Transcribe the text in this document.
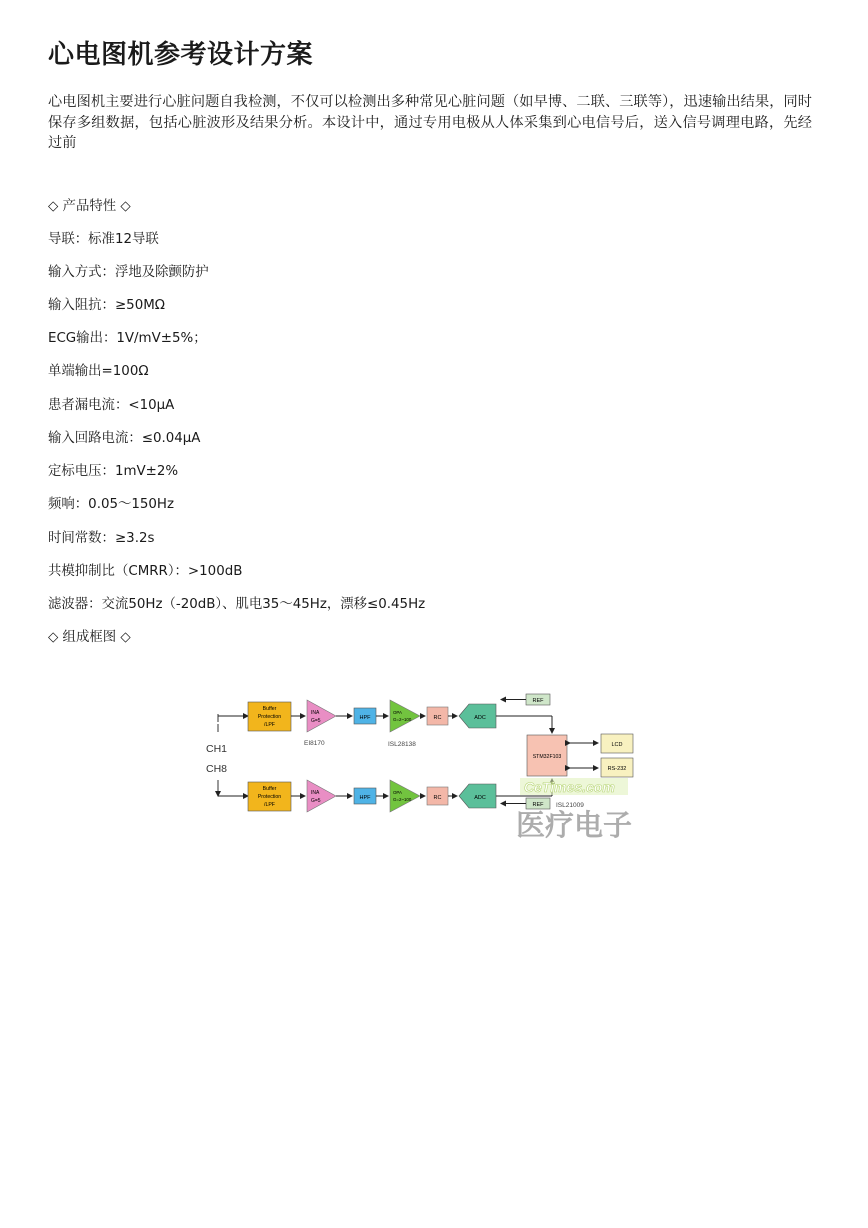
心电图机参考设计方案
心电图机主要进行心脏问题自我检测，不仅可以检测出多种常见心脏问题（如早博、二联、三联等），迅速输出结果，同时保存多组数据，包括心脏波形及结果分析。本设计中，通过专用电极从人体采集到心电信号后，送入信号调理电路，先经过前
◇ 产品特性 ◇
导联：标准12导联
输入方式：浮地及除颤防护
输入阻抗：≥50MΩ
ECG输出：1V/mV±5%；
单端输出=100Ω
患者漏电流：<10μA
输入回路电流：≤0.04μA
定标电压：1mV±2%
频响：0.05～150Hz
时间常数：≥3.2s
共模抑制比（CMRR）：>100dB
滤波器：交流50Hz（-20dB）、肌电35～45Hz，漂移≤0.45Hz
◇ 组成框图 ◇
CH1
CH8
Buffer
Protection
/LPF
INA
G=5
EI8170
HPF
OPA
G=2~100
ISL28138
RC	ADC
REF
Buffer
Protection
/LPF
INA
G=5	HPF
OPA
G=2~100	RC	ADC
REF ISL21009
STM32F103
LCD
RS-232
CeTimes.com
医疗电子
